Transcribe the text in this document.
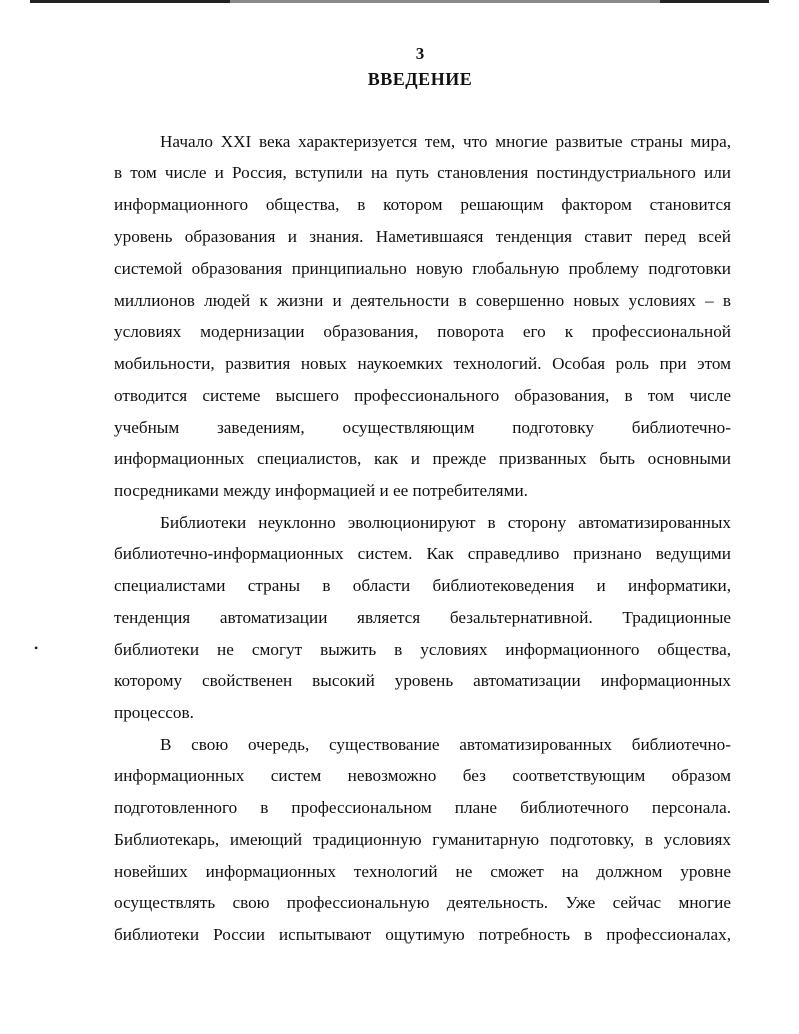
3
ВВЕДЕНИЕ
•
Начало XXI века характеризуется тем, что многие развитые страны мира,
в том числе и Россия, вступили на путь становления постиндустриального или
информационного общества, в котором решающим фактором становится
уровень образования и знания. Наметившаяся тенденция ставит перед всей
системой образования принципиально новую глобальную проблему подготовки
миллионов людей к жизни и деятельности в совершенно новых условиях – в
условиях модернизации образования, поворота его к профессиональной
мобильности, развития новых наукоемких технологий. Особая роль при этом
отводится системе высшего профессионального образования, в том числе
учебным заведениям, осуществляющим подготовку библиотечно-
информационных специалистов, как и прежде призванных быть основными
посредниками между информацией и ее потребителями.
Библиотеки неуклонно эволюционируют в сторону автоматизированных
библиотечно-информационных систем. Как справедливо признано ведущими
специалистами страны в области библиотековедения и информатики,
тенденция автоматизации является безальтернативной. Традиционные
библиотеки не смогут выжить в условиях информационного общества,
которому свойственен высокий уровень автоматизации информационных
процессов.
В свою очередь, существование автоматизированных библиотечно-
информационных систем невозможно без соответствующим образом
подготовленного в профессиональном плане библиотечного персонала.
Библиотекарь, имеющий традиционную гуманитарную подготовку, в условиях
новейших информационных технологий не сможет на должном уровне
осуществлять свою профессиональную деятельность. Уже сейчас многие
библиотеки России испытывают ощутимую потребность в профессионалах,
